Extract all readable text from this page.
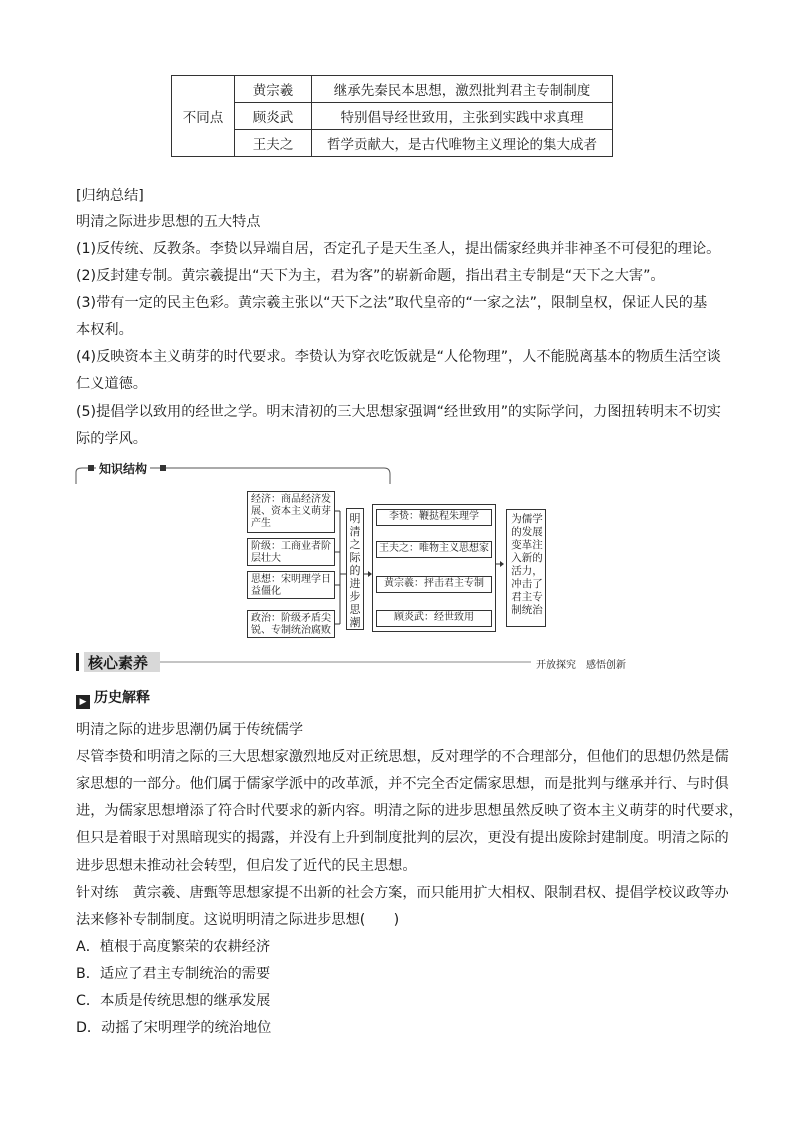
不同点	黄宗羲	继承先秦民本思想，激烈批判君主专制制度
	顾炎武	特别倡导经世致用，主张到实践中求真理
	王夫之	哲学贡献大，是古代唯物主义理论的集大成者
[归纳总结]
明清之际进步思想的五大特点
(1)反传统、反教条。李贽以异端自居，否定孔子是天生圣人，提出儒家经典并非神圣不可侵犯的理论。
(2)反封建专制。黄宗羲提出“天下为主，君为客”的崭新命题，指出君主专制是“天下之大害”。
(3)带有一定的民主色彩。黄宗羲主张以“天下之法”取代皇帝的“一家之法”，限制皇权，保证人民的基
本权利。
(4)反映资本主义萌芽的时代要求。李贽认为穿衣吃饭就是“人伦物理”，人不能脱离基本的物质生活空谈
仁义道德。
(5)提倡学以致用的经世之学。明末清初的三大思想家强调“经世致用”的实际学问，力图扭转明末不切实
际的学风。
知识结构
经济：商品经济发展、资本主义萌芽产生
阶级：工商业者阶层壮大
思想：宋明理学日益僵化
政治：阶级矛盾尖锐、专制统治腐败
明清之际的进步思潮
李贽：鞭挞程朱理学
王夫之：唯物主义思想家
黄宗羲：抨击君主专制
顾炎武：经世致用
为儒学的发展变革注入新的活力，冲击了君主专制统治
核心素养	开放探究　感悟创新
▶ 历史解释
明清之际的进步思潮仍属于传统儒学
尽管李贽和明清之际的三大思想家激烈地反对正统思想，反对理学的不合理部分，但他们的思想仍然是儒
家思想的一部分。他们属于儒家学派中的改革派，并不完全否定儒家思想，而是批判与继承并行、与时俱
进，为儒家思想增添了符合时代要求的新内容。明清之际的进步思想虽然反映了资本主义萌芽的时代要求，
但只是着眼于对黑暗现实的揭露，并没有上升到制度批判的层次，更没有提出废除封建制度。明清之际的
进步思想未推动社会转型，但启发了近代的民主思想。
针对练　黄宗羲、唐甄等思想家提不出新的社会方案，而只能用扩大相权、限制君权、提倡学校议政等办
法来修补专制制度。这说明明清之际进步思想(　　)
A．植根于高度繁荣的农耕经济
B．适应了君主专制统治的需要
C．本质是传统思想的继承发展
D．动摇了宋明理学的统治地位
